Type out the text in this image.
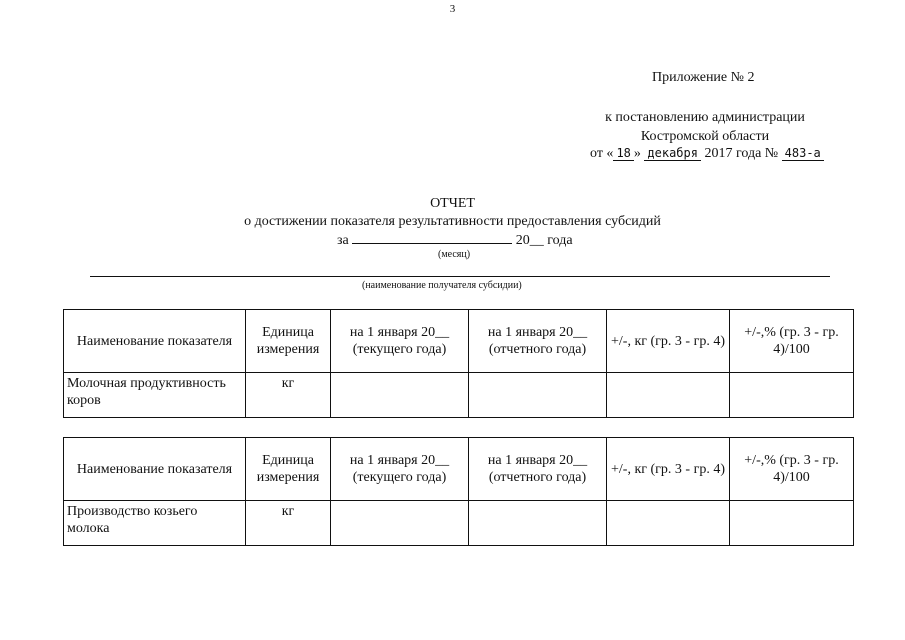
3
Приложение № 2
к постановлению администрации
Костромской области
от « 18 » декабря 2017 года № 483-а
ОТЧЕТ
о достижении показателя результативности предоставления субсидий
за	20__ года
(месяц)
(наименование получателя субсидии)
Наименование показателя	Единица измерения	на 1 января 20__ (текущего года)	на 1 января 20__ (отчетного года)	+/-, кг (гр. 3 - гр. 4)	+/-,% (гр. 3 - гр. 4)/100
Молочная продуктивность коров	кг				
Наименование показателя	Единица измерения	на 1 января 20__ (текущего года)	на 1 января 20__ (отчетного года)	+/-, кг (гр. 3 - гр. 4)	+/-,% (гр. 3 - гр. 4)/100
Производство козьего молока	кг				
